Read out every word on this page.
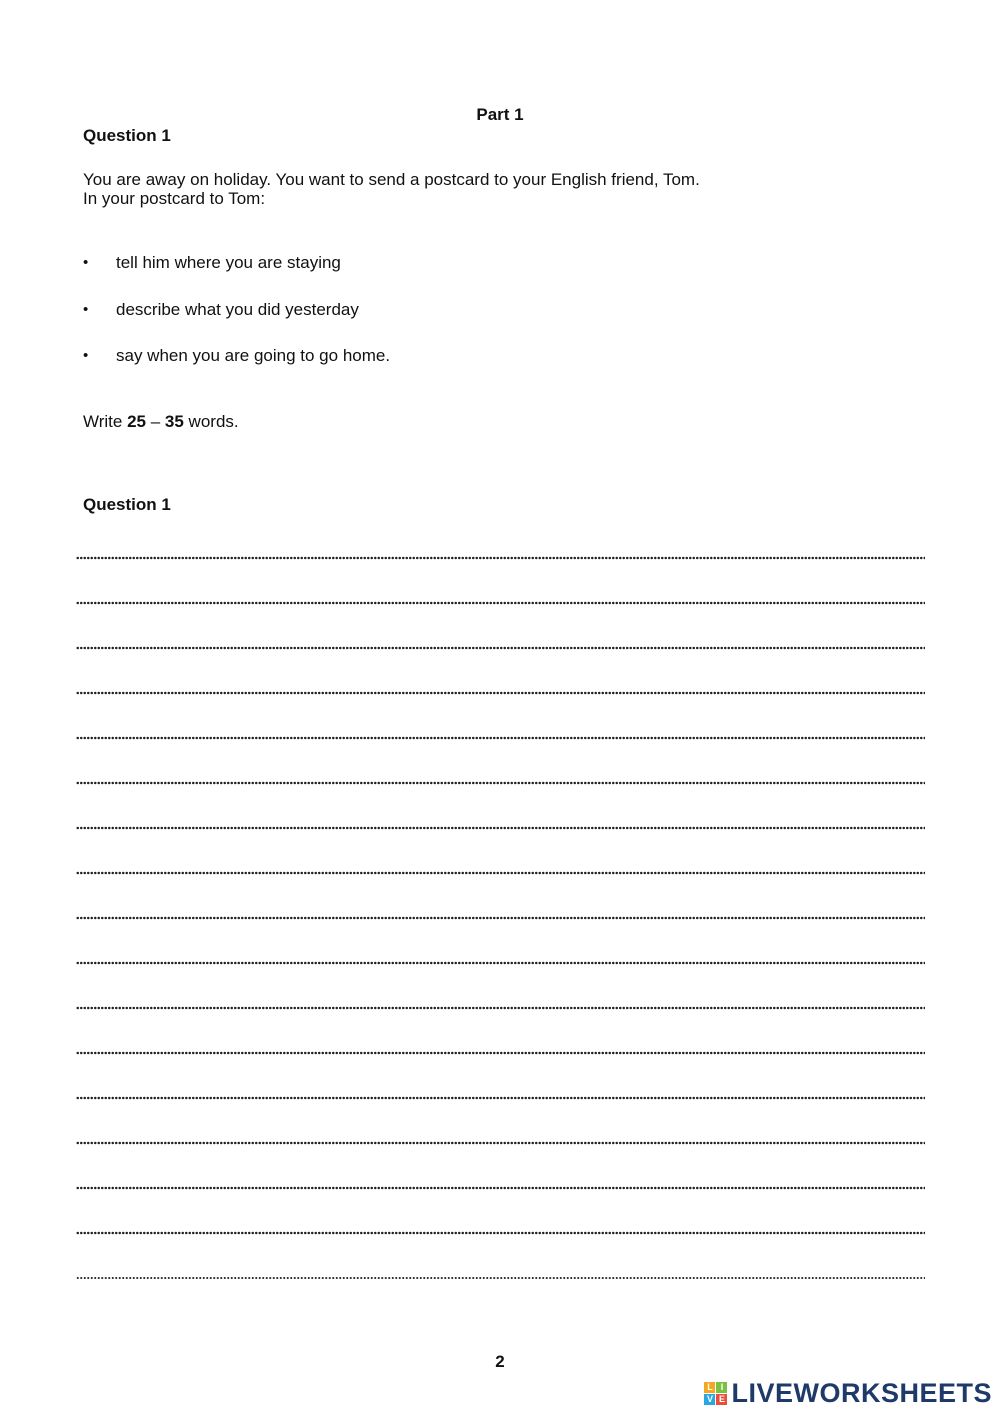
Part 1
Question 1
You are away on holiday. You want to send a postcard to your English friend, Tom.
In your postcard to Tom:
• tell him where you are staying
• describe what you did yesterday
• say when you are going to go home.
Write 25 – 35 words.
Question 1
2
L I
V E LIVEWORKSHEETS
